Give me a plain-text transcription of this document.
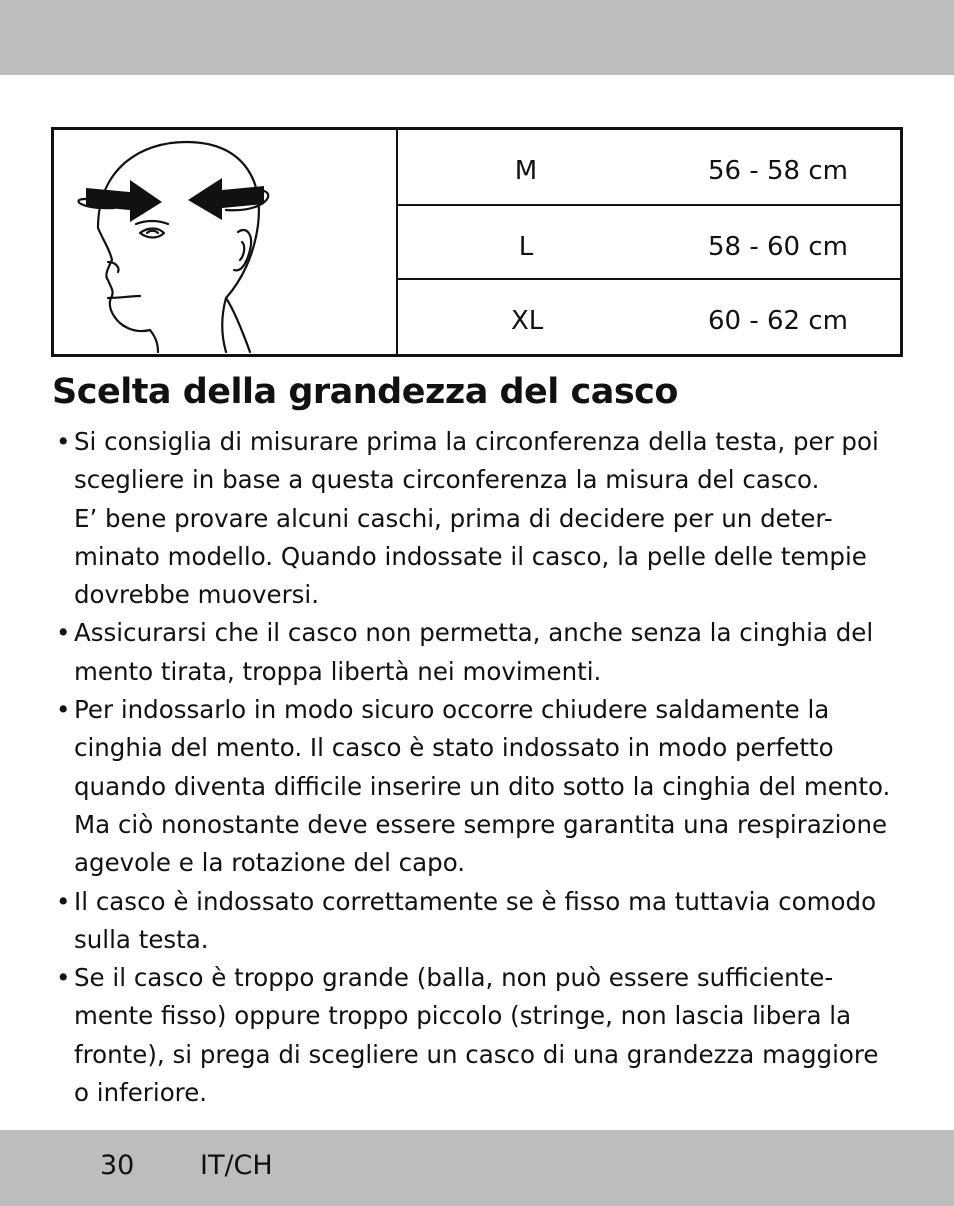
M	56 - 58 cm
L	58 - 60 cm
XL	60 - 62 cm
Scelta della grandezza del casco
• Si consiglia di misurare prima la circonferenza della testa, per poi
scegliere in base a questa circonferenza la misura del casco.
E’ bene provare alcuni caschi, prima di decidere per un deter-
minato modello. Quando indossate il casco, la pelle delle tempie
dovrebbe muoversi.
• Assicurarsi che il casco non permetta, anche senza la cinghia del
mento tirata, troppa libertà nei movimenti.
• Per indossarlo in modo sicuro occorre chiudere saldamente la
cinghia del mento. Il casco è stato indossato in modo perfetto
quando diventa difficile inserire un dito sotto la cinghia del mento.
Ma ciò nonostante deve essere sempre garantita una respirazione
agevole e la rotazione del capo.
• Il casco è indossato correttamente se è fisso ma tuttavia comodo
sulla testa.
• Se il casco è troppo grande (balla, non può essere sufficiente-
mente fisso) oppure troppo piccolo (stringe, non lascia libera la
fronte), si prega di scegliere un casco di una grandezza maggiore
o inferiore.
30 IT/CH
